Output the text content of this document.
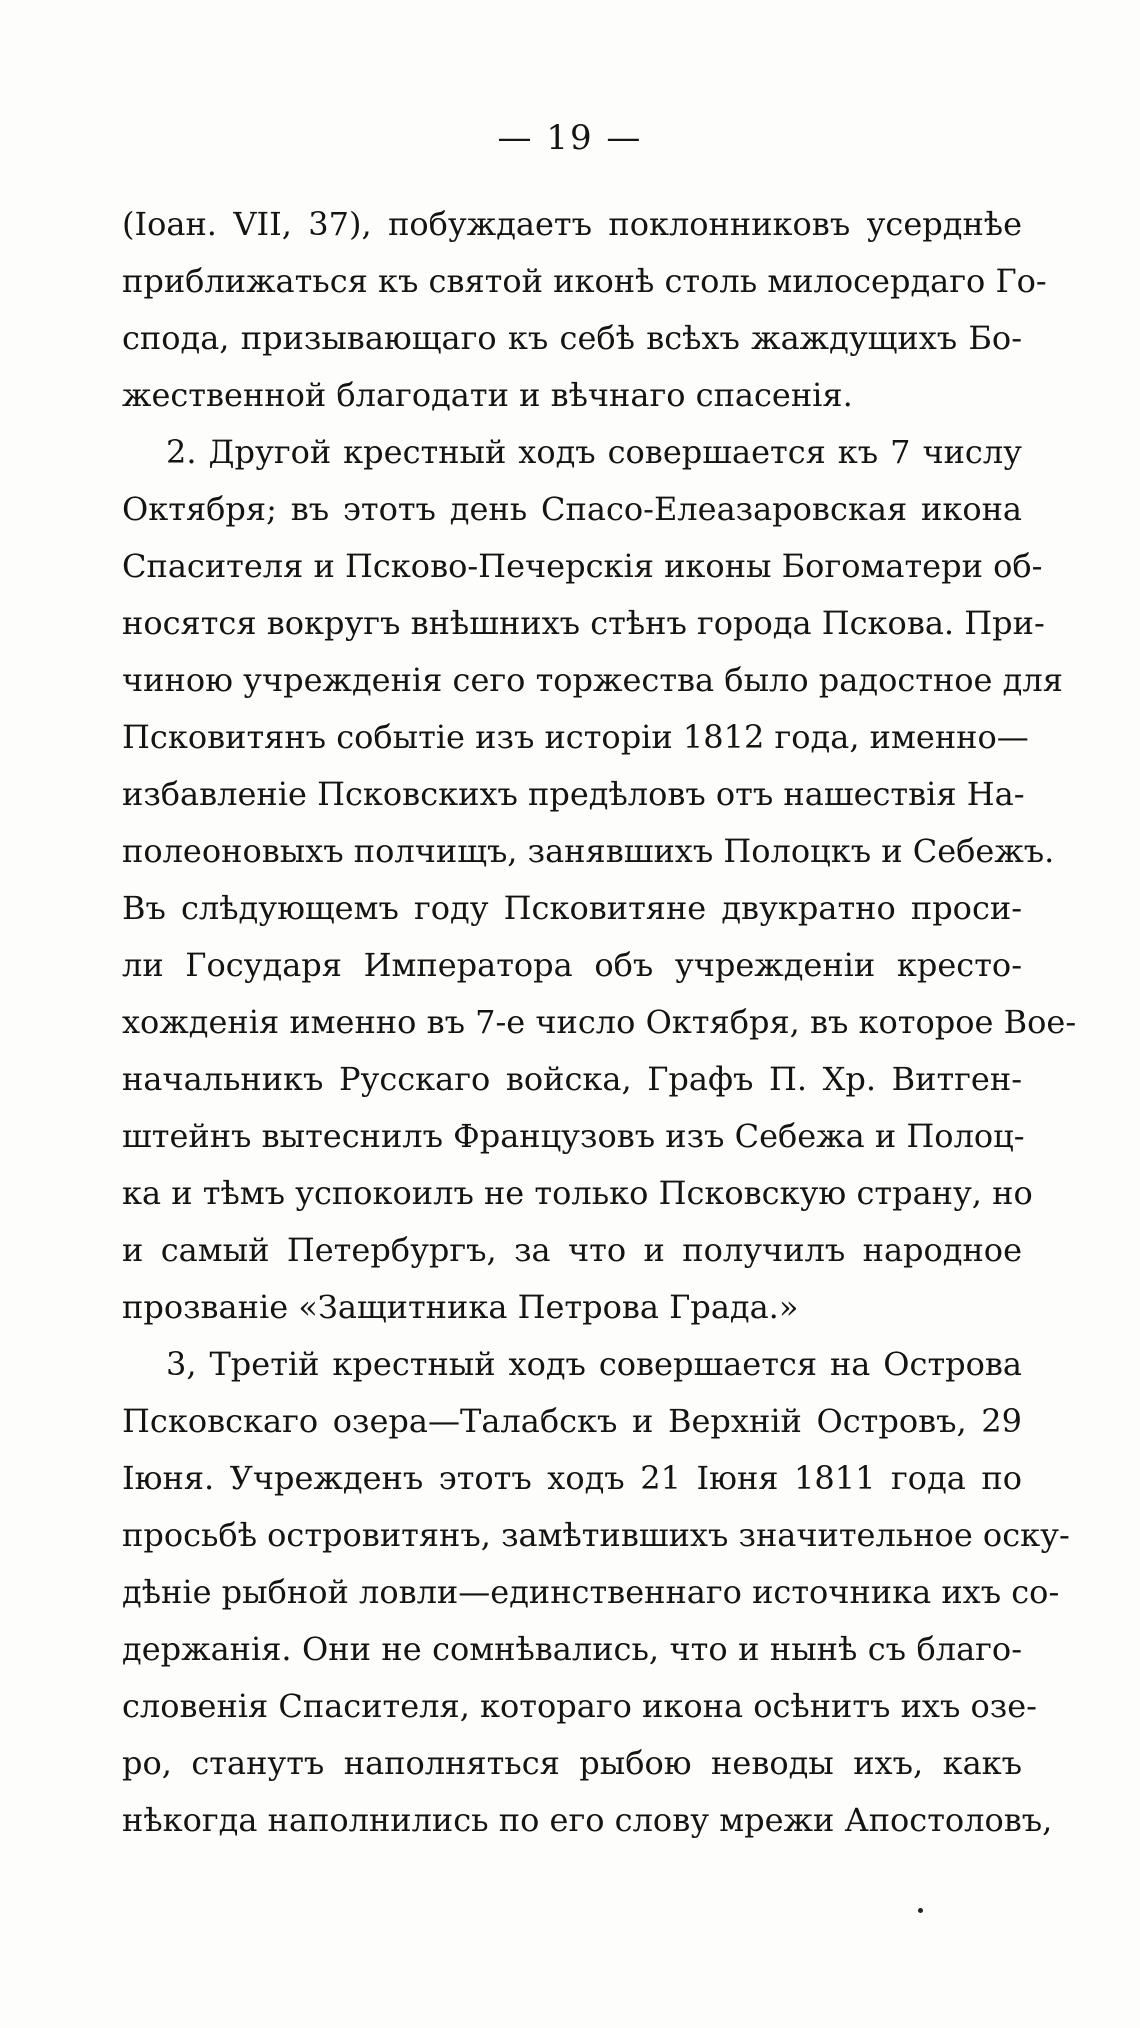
— 19 —
(Іоан. VII, 37), побуждаетъ поклонниковъ усерднѣе
приближаться къ святой иконѣ столь милосердаго Го-
спода, призывающаго къ себѣ всѣхъ жаждущихъ Бо-
жественной благодати и вѣчнаго спасенія.
2. Другой крестный ходъ совершается къ 7 числу
Октября; въ этотъ день Спасо-Елеазаровская икона
Спасителя и Псково-Печерскія иконы Богоматери об-
носятся вокругъ внѣшнихъ стѣнъ города Пскова. При-
чиною учрежденія сего торжества было радостное для
Псковитянъ событіе изъ исторіи 1812 года, именно—
избавленіе Псковскихъ предѣловъ отъ нашествія На-
полеоновыхъ полчищъ, занявшихъ Полоцкъ и Себежъ.
Въ слѣдующемъ году Псковитяне двукратно проси-
ли Государя Императора объ учрежденіи кресто-
хожденія именно въ 7-е число Октября, въ которое Вое-
начальникъ Русскаго войска, Графъ П. Хр. Витген-
штейнъ вытеснилъ Французовъ изъ Себежа и Полоц-
ка и тѣмъ успокоилъ не только Псковскую страну, но
и самый Петербургъ, за что и получилъ народное
прозваніе «Защитника Петрова Града.»
3, Третій крестный ходъ совершается на Острова
Псковскаго озера—Талабскъ и Верхній Островъ, 29
Іюня. Учрежденъ этотъ ходъ 21 Іюня 1811 года по
просьбѣ островитянъ, замѣтившихъ значительное оску-
дѣніе рыбной ловли—единственнаго источника ихъ со-
держанія. Они не сомнѣвались, что и нынѣ съ благо-
словенія Спасителя, котораго икона осѣнитъ ихъ озе-
ро, станутъ наполняться рыбою неводы ихъ, какъ
нѣкогда наполнились по его слову мрежи Апостоловъ,
